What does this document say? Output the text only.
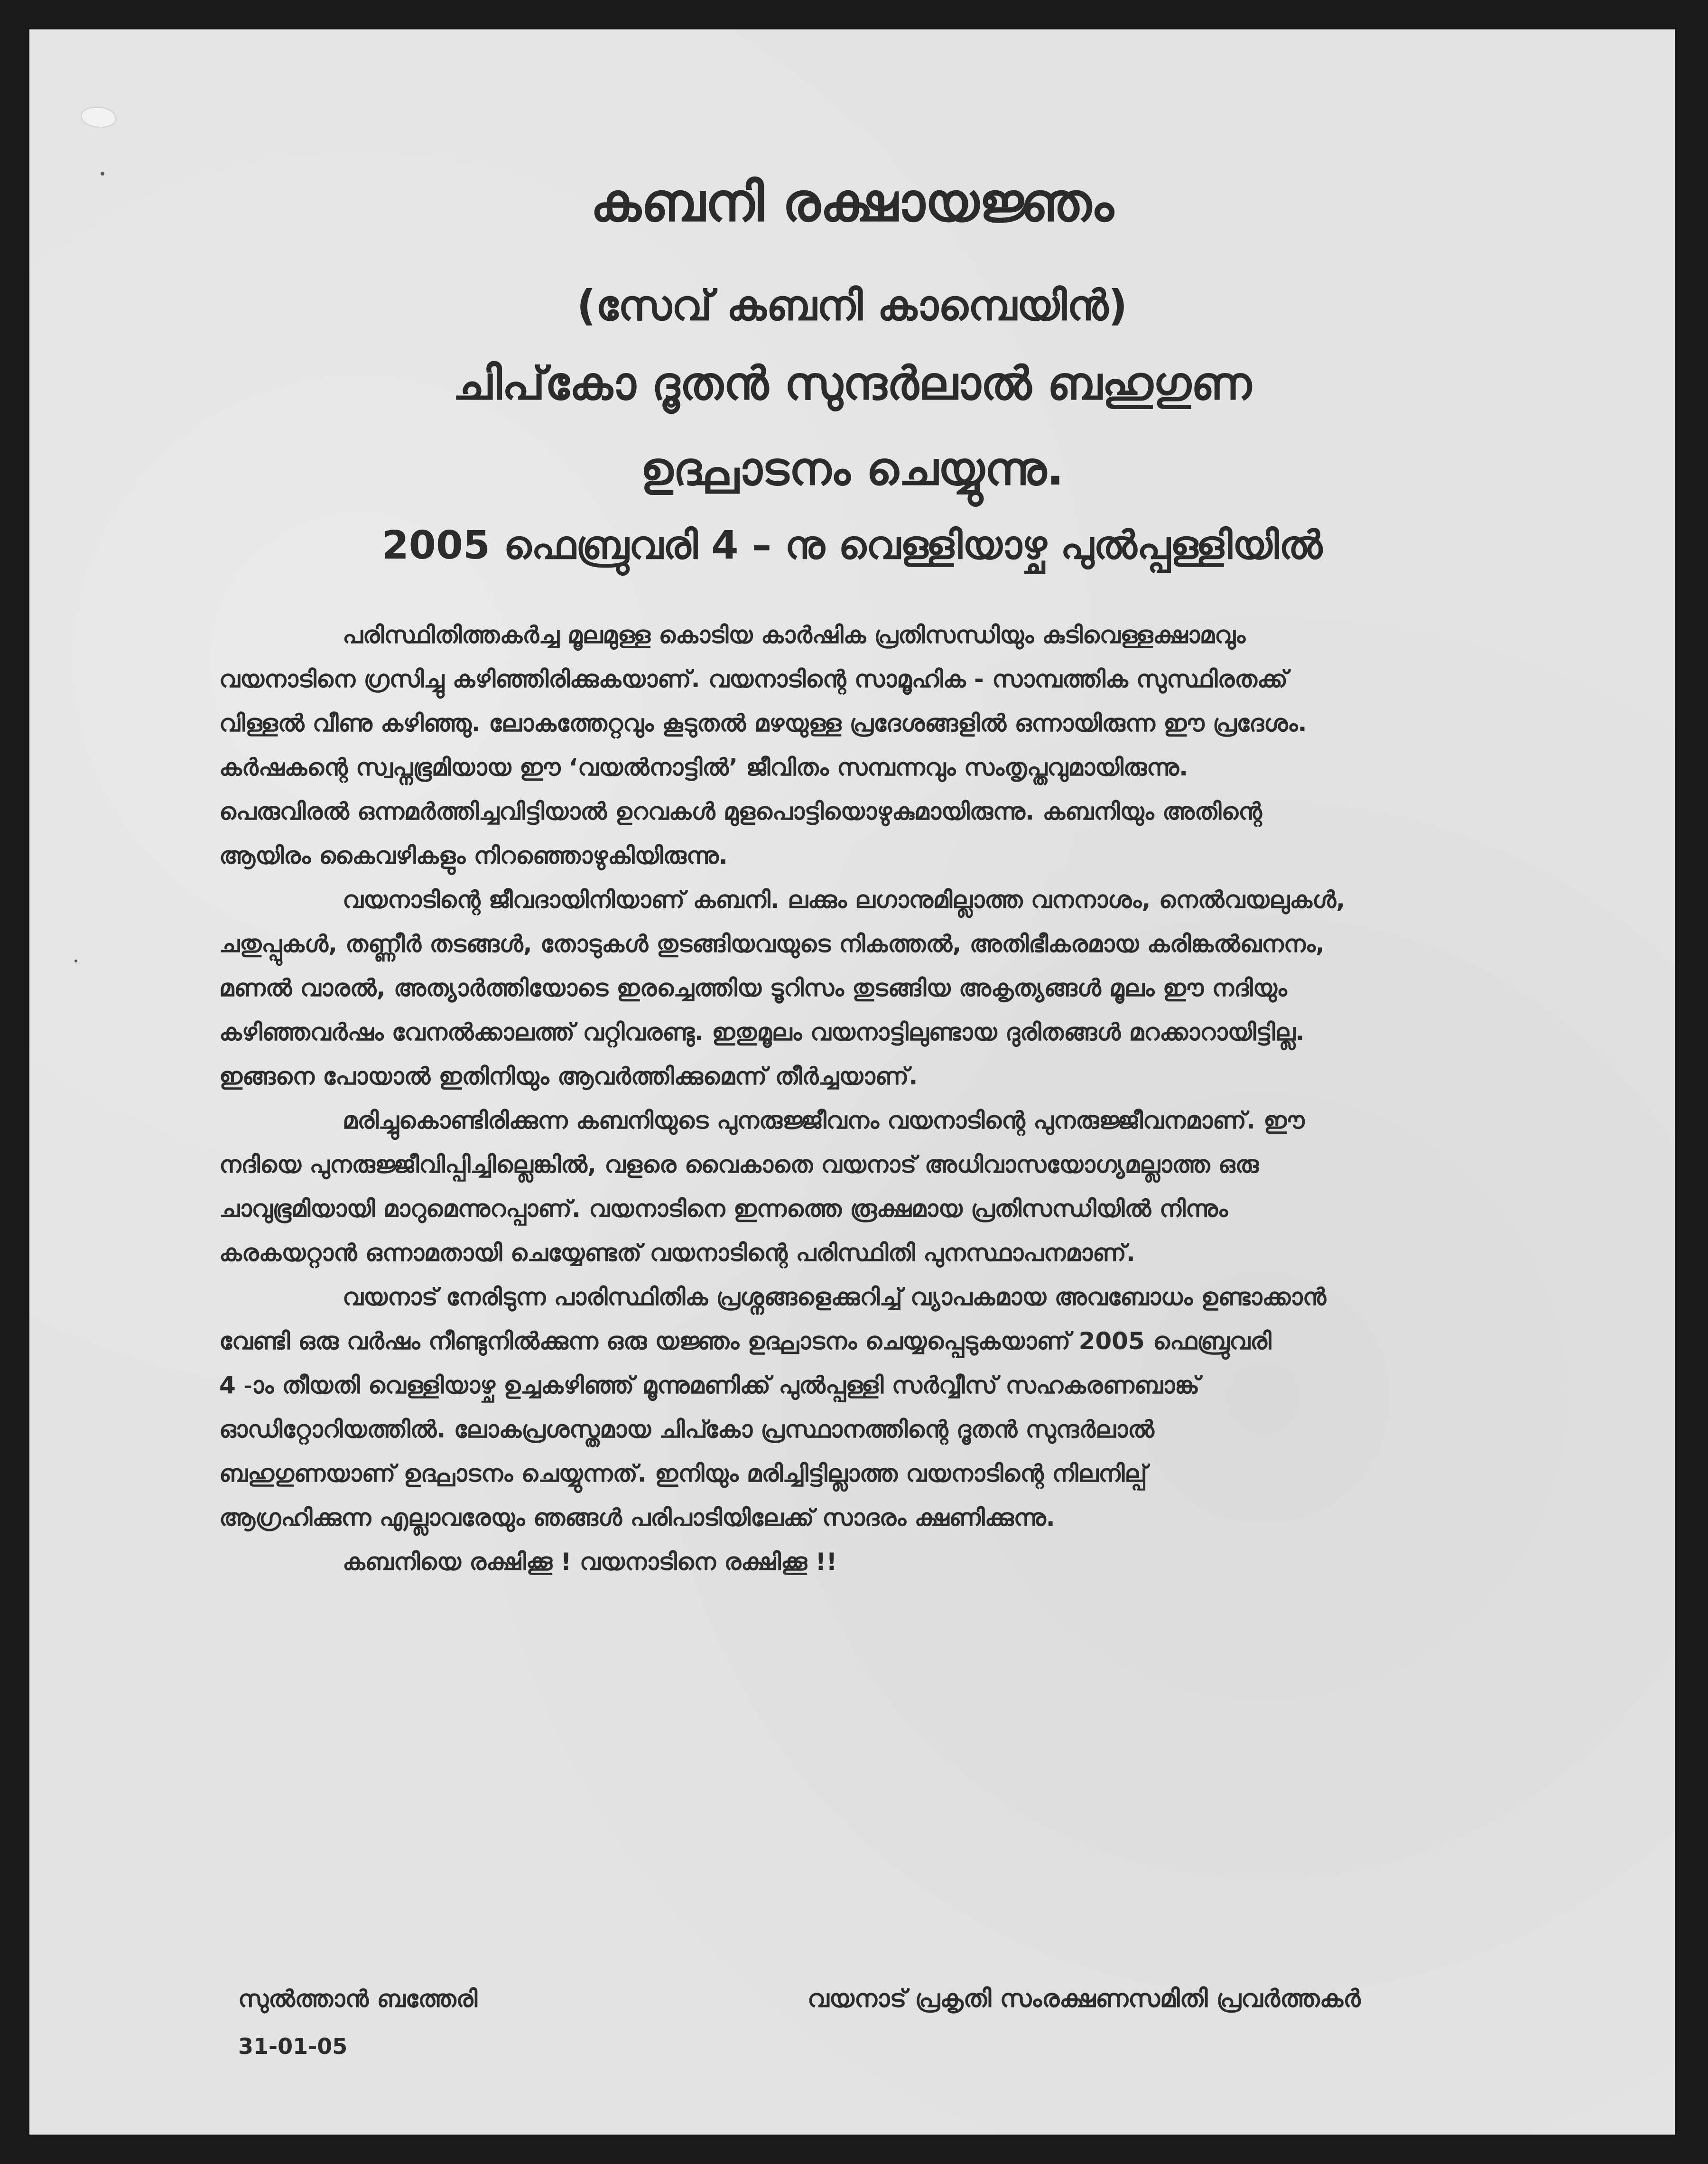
കബനി രക്ഷായജ്ഞം
(സേവ് കബനി കാമ്പെയിൻ)
ചിപ്‌കോ ദൂതൻ സുന്ദർലാൽ ബഹുഗുണ
ഉദ്ഘാടനം ചെയ്യുന്നു.
2005 ഫെബ്രുവരി 4 – നു വെള്ളിയാഴ്ച പുൽപ്പള്ളിയിൽ

പരിസ്ഥിതിത്തകർച്ച മൂലമുള്ള കൊടിയ കാർഷിക പ്രതിസന്ധിയും കുടിവെള്ളക്ഷാമവും
വയനാടിനെ ഗ്രസിച്ചു കഴിഞ്ഞിരിക്കുകയാണ്. വയനാടിന്റെ സാമൂഹിക - സാമ്പത്തിക സുസ്ഥിരതക്ക്
വിള്ളൽ വീണു കഴിഞ്ഞു. ലോകത്തേറ്റവും കൂടുതൽ മഴയുള്ള പ്രദേശങ്ങളിൽ ഒന്നായിരുന്ന ഈ പ്രദേശം.
കർഷകന്റെ സ്വപ്നഭൂമിയായ ഈ ‘വയൽനാട്ടിൽ’ ജീവിതം സമ്പന്നവും സംതൃപ്തവുമായിരുന്നു.
പെരുവിരൽ ഒന്നമർത്തിച്ചവിട്ടിയാൽ ഉറവകൾ മുളപൊട്ടിയൊഴുകുമായിരുന്നു. കബനിയും അതിന്റെ
ആയിരം കൈവഴികളും നിറഞ്ഞൊഴുകിയിരുന്നു.

വയനാടിന്റെ ജീവദായിനിയാണ് കബനി. ലക്കും ലഗാനുമില്ലാത്ത വനനാശം, നെൽവയലുകൾ,
ചതുപ്പുകൾ, തണ്ണീർ തടങ്ങൾ, തോടുകൾ തുടങ്ങിയവയുടെ നികത്തൽ, അതിഭീകരമായ കരിങ്കൽഖനനം,
മണൽ വാരൽ, അത്യാർത്തിയോടെ ഇരച്ചെത്തിയ ടൂറിസം തുടങ്ങിയ അകൃത്യങ്ങൾ മൂലം ഈ നദിയും
കഴിഞ്ഞവർഷം വേനൽക്കാലത്ത് വറ്റിവരണ്ടു. ഇതുമൂലം വയനാട്ടിലുണ്ടായ ദുരിതങ്ങൾ മറക്കാറായിട്ടില്ല.
ഇങ്ങനെ പോയാൽ ഇതിനിയും ആവർത്തിക്കുമെന്ന് തീർച്ചയാണ്.

മരിച്ചുകൊണ്ടിരിക്കുന്ന കബനിയുടെ പുനരുജ്ജീവനം വയനാടിന്റെ പുനരുജ്ജീവനമാണ്. ഈ
നദിയെ പുനരുജ്ജീവിപ്പിച്ചില്ലെങ്കിൽ, വളരെ വൈകാതെ വയനാട് അധിവാസയോഗ്യമല്ലാത്ത ഒരു
ചാവുഭൂമിയായി മാറുമെന്നുറപ്പാണ്. വയനാടിനെ ഇന്നത്തെ രൂക്ഷമായ പ്രതിസന്ധിയിൽ നിന്നും
കരകയറ്റാൻ ഒന്നാമതായി ചെയ്യേണ്ടത് വയനാടിന്റെ പരിസ്ഥിതി പുനസ്ഥാപനമാണ്.

വയനാട് നേരിടുന്ന പാരിസ്ഥിതിക പ്രശ്നങ്ങളെക്കുറിച്ച് വ്യാപകമായ അവബോധം ഉണ്ടാക്കാൻ
വേണ്ടി ഒരു വർഷം നീണ്ടുനിൽക്കുന്ന ഒരു യജ്ഞം ഉദ്ഘാടനം ചെയ്യപ്പെടുകയാണ് 2005 ഫെബ്രുവരി
4 -ാം തീയതി വെള്ളിയാഴ്ച ഉച്ചകഴിഞ്ഞ് മൂന്നുമണിക്ക് പുൽപ്പള്ളി സർവ്വീസ് സഹകരണബാങ്ക്
ഓഡിറ്റോറിയത്തിൽ. ലോകപ്രശസ്തമായ ചിപ്കോ പ്രസ്ഥാനത്തിന്റെ ദൂതൻ സുന്ദർലാൽ
ബഹുഗുണയാണ് ഉദ്ഘാടനം ചെയ്യുന്നത്. ഇനിയും മരിച്ചിട്ടില്ലാത്ത വയനാടിന്റെ നിലനില്പ്
ആഗ്രഹിക്കുന്ന എല്ലാവരേയും ഞങ്ങൾ പരിപാടിയിലേക്ക് സാദരം ക്ഷണിക്കുന്നു.

കബനിയെ രക്ഷിക്കൂ ! വയനാടിനെ രക്ഷിക്കൂ !!

സുൽത്താൻ ബത്തേരി
31-01-05
വയനാട് പ്രകൃതി സംരക്ഷണസമിതി പ്രവർത്തകർ
